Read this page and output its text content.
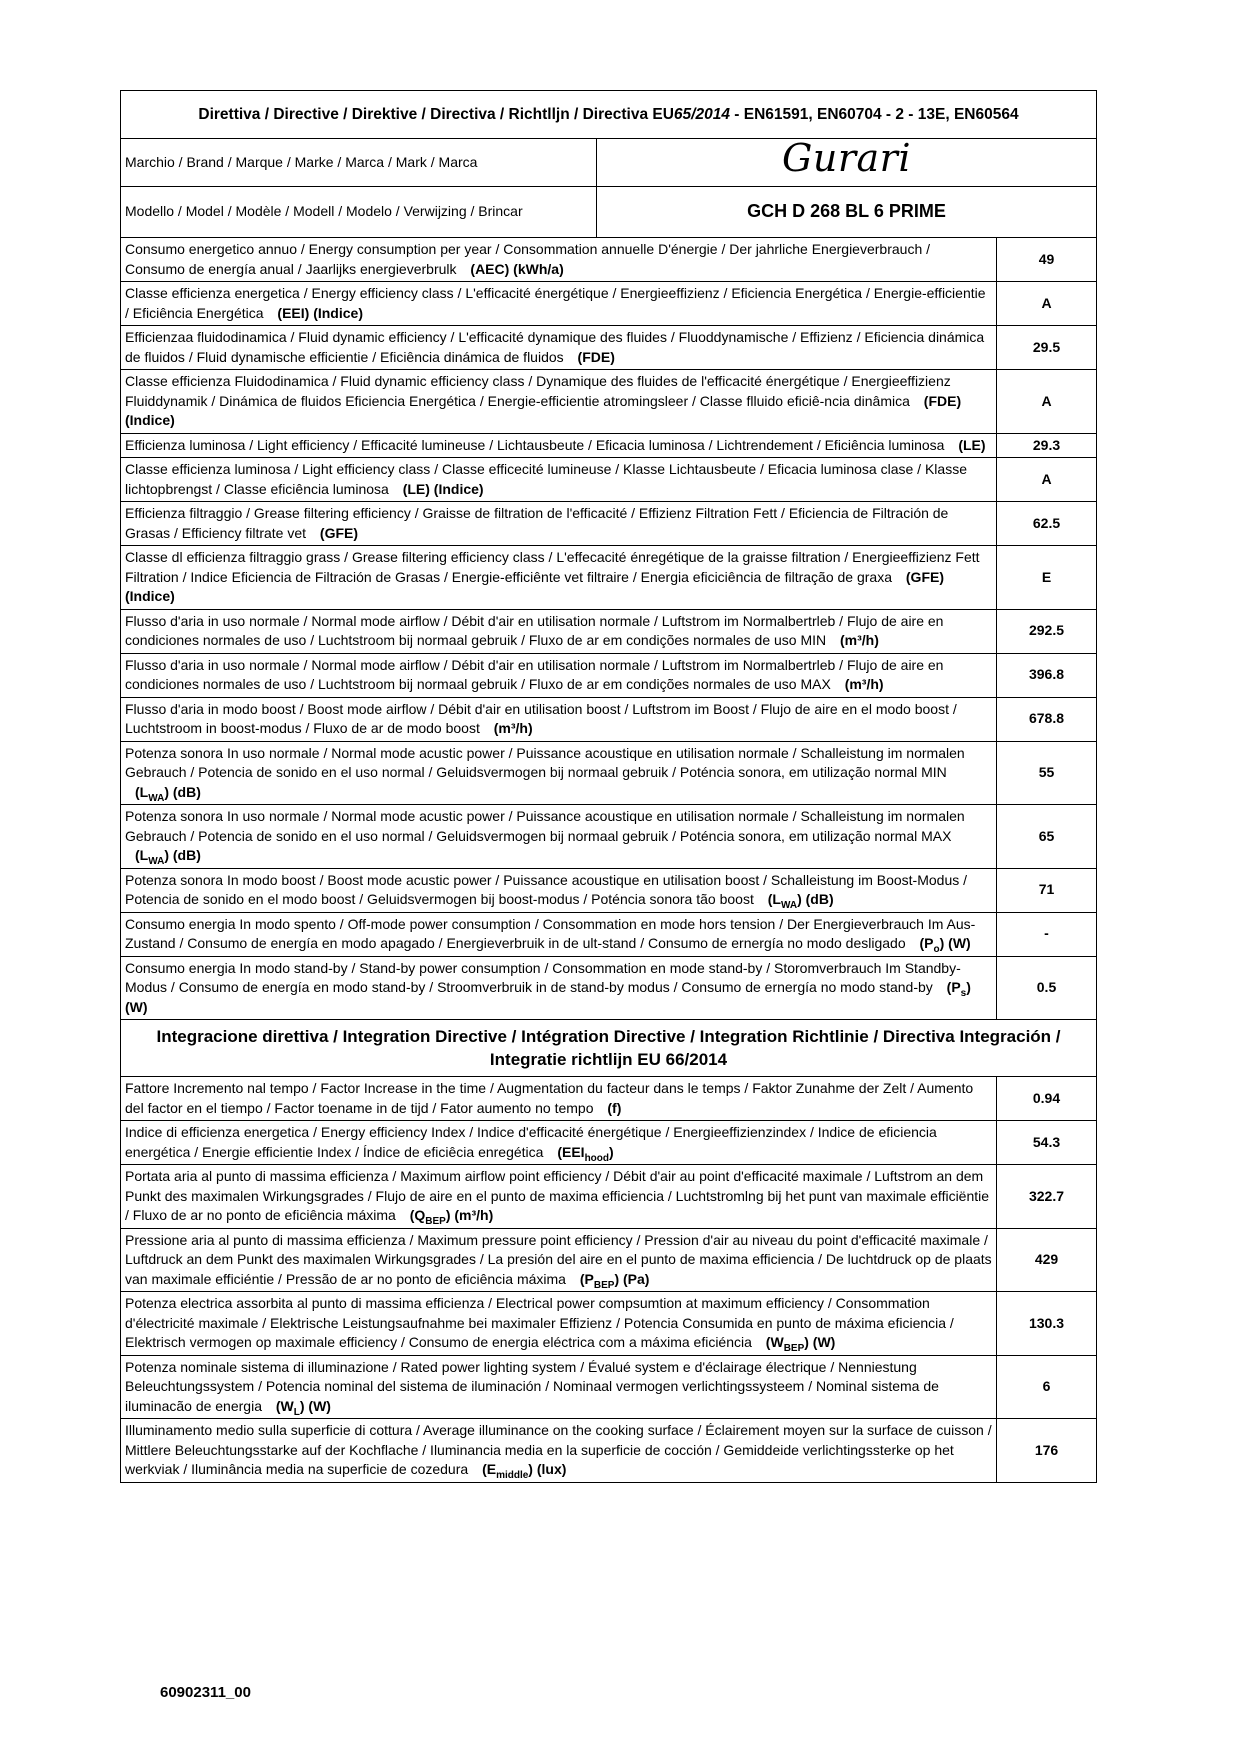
Direttiva / Directive / Direktive / Directiva / Richtlljn / Directiva EU65/2014 - EN61591, EN60704 - 2 - 13E, EN60564		
Marchio / Brand / Marque / Marke / Marca / Mark / Marca	Gurari	
Modello / Model / Modèle / Modell / Modelo / Verwijzing / Brincar	GCH D 268 BL 6 PRIME	
Consumo energetico annuo / Energy consumption per year / Consommation annuelle D'énergie / Der jahrliche Energieverbrauch / Consumo de energía anual / Jaarlijks energieverbrulk (AEC) (kWh/a)		49
Classe efficienza energetica / Energy efficiency class / L'efficacité énergétique / Energieeffizienz / Eficiencia Energética / Energie-efficientie / Eficiência Energética (EEI) (Indice)		A
Efficienzaa fluidodinamica / Fluid dynamic efficiency / L'efficacité dynamique des fluides / Fluoddynamische / Effizienz / Eficiencia dinámica de fluidos / Fluid dynamische efficientie / Eficiência dinámica de fluidos (FDE)		29.5
Classe efficienza Fluidodinamica / Fluid dynamic efficiency class / Dynamique des fluides de l'efficacité énergétique / Energieeffizienz Fluiddynamik / Dinámica de fluidos Eficiencia Energética / Energie-efficientie atromingsleer / Classe flluido eficiê-ncia dinâmica (FDE) (Indice)		A
Efficienza luminosa / Light efficiency / Efficacité lumineuse / Lichtausbeute / Eficacia luminosa / Lichtrendement / Eficiência luminosa (LE)		29.3
Classe efficienza luminosa / Light efficiency class / Classe efficecité lumineuse / Klasse Lichtausbeute / Eficacia luminosa clase / Klasse lichtopbrengst / Classe eficiência luminosa (LE) (Indice)		A
Efficienza filtraggio / Grease filtering efficiency / Graisse de filtration de l'efficacité / Effizienz Filtration Fett / Eficiencia de Filtración de Grasas / Efficiency filtrate vet (GFE)		62.5
Classe dl efficienza filtraggio grass / Grease filtering efficiency class / L'effecacité énregétique de la graisse filtration / Energieeffizienz Fett Filtration / Indice Eficiencia de Filtración de Grasas / Energie-efficiênte vet filtraire / Energia eficiciência de filtração de graxa (GFE) (Indice)		E
Flusso d'aria in uso normale / Normal mode airflow / Débit d'air en utilisation normale / Luftstrom im Normalbertrleb / Flujo de aire en condiciones normales de uso / Luchtstroom bij normaal gebruik / Fluxo de ar em condições normales de uso MIN (m³/h)		292.5
Flusso d'aria in uso normale / Normal mode airflow / Débit d'air en utilisation normale / Luftstrom im Normalbertrleb / Flujo de aire en condiciones normales de uso / Luchtstroom bij normaal gebruik / Fluxo de ar em condições normales de uso MAX (m³/h)		396.8
Flusso d'aria in modo boost / Boost mode airflow / Débit d'air en utilisation boost / Luftstrom im Boost / Flujo de aire en el modo boost / Luchtstroom in boost-modus / Fluxo de ar de modo boost (m³/h)		678.8
Potenza sonora In uso normale / Normal mode acustic power / Puissance acoustique en utilisation normale / Schalleistung im normalen Gebrauch / Potencia de sonido en el uso normal / Geluidsvermogen bij normaal gebruik / Poténcia sonora, em utilização normal MIN $(L_{WA})$ (dB)		55
Potenza sonora In uso normale / Normal mode acustic power / Puissance acoustique en utilisation normale / Schalleistung im normalen Gebrauch / Potencia de sonido en el uso normal / Geluidsvermogen bij normaal gebruik / Poténcia sonora, em utilização normal MAX $(L_{WA})$ (dB)		65
Potenza sonora In modo boost / Boost mode acustic power / Puissance acoustique en utilisation boost / Schalleistung im Boost-Modus / Potencia de sonido en el modo boost / Geluidsvermogen bij boost-modus / Poténcia sonora tão boost $(L_{WA})$ (dB)		71
Consumo energia In modo spento / Off-mode power consumption / Consommation en mode hors tension / Der Energieverbrauch Im Aus-Zustand / Consumo de energía en modo apagado / Energieverbruik in de ult-stand / Consumo de ernergía no modo desligado $(P_o)$ (W)		-
Consumo energia In modo stand-by / Stand-by power consumption / Consommation en mode stand-by / Storomverbrauch Im Standby-Modus / Consumo de energía en modo stand-by / Stroomverbruik in de stand-by modus / Consumo de ernergía no modo stand-by $(P_s)$ (W)		0.5
Integracione direttiva / Integration Directive / Intégration Directive / Integration Richtlinie / Directiva Integración / Integratie richtlijn EU 66/2014		
Fattore Incremento nal tempo / Factor Increase in the time / Augmentation du facteur dans le temps / Faktor Zunahme der Zelt / Aumento del factor en el tiempo / Factor toename in de tijd / Fator aumento no tempo (f)		0.94
Indice di efficienza energetica / Energy efficiency Index / Indice d'efficacité énergétique / Energieeffizienzindex / Indice de eficiencia energética / Energie efficientie Index / Índice de eficiêcia enregética $(EEI_{hood})$		54.3
Portata aria al punto di massima efficienza / Maximum airflow point efficiency / Débit d'air au point d'efficacité maximale / Luftstrom an dem Punkt des maximalen Wirkungsgrades / Flujo de aire en el punto de maxima efficiencia / Luchtstromlng bij het punt van maximale efficiëntie / Fluxo de ar no ponto de eficiência máxima $(Q_{BEP})$ (m³/h)		322.7
Pressione aria al punto di massima efficienza / Maximum pressure point efficiency / Pression d'air au niveau du point d'efficacité maximale / Luftdruck an dem Punkt des maximalen Wirkungsgrades / La presión del aire en el punto de maxima efficiencia / De luchtdruck op de plaats van maximale efficiéntie / Pressão de ar no ponto de eficiência máxima $(P_{BEP})$ (Pa)		429
Potenza electrica assorbita al punto di massima efficienza / Electrical power compsumtion at maximum efficiency / Consommation d'électricité maximale / Elektrische Leistungsaufnahme bei maximaler Effizienz / Potencia Consumida en punto de máxima eficiencia / Elektrisch vermogen op maximale efficiency / Consumo de energia eléctrica com a máxima eficiéncia $(W_{BEP})$ (W)		130.3
Potenza nominale sistema di illuminazione / Rated power lighting system / Évalué system e d'éclairage électrique / Nenniestung Beleuchtungssystem / Potencia nominal del sistema de iluminación / Nominaal vermogen verlichtingssysteem / Nominal sistema de iluminacão de energia $(W_L)$ (W)		6
Illuminamento medio sulla superficie di cottura / Average illuminance on the cooking surface / Éclairement moyen sur la surface de cuisson / Mittlere Beleuchtungsstarke auf der Kochflache / Iluminancia media en la superficie de cocción / Gemiddeide verlichtingssterke op het werkviak / Iluminância media na superficie de cozedura $(E_{middle})$ (lux)		176
60902311_00
